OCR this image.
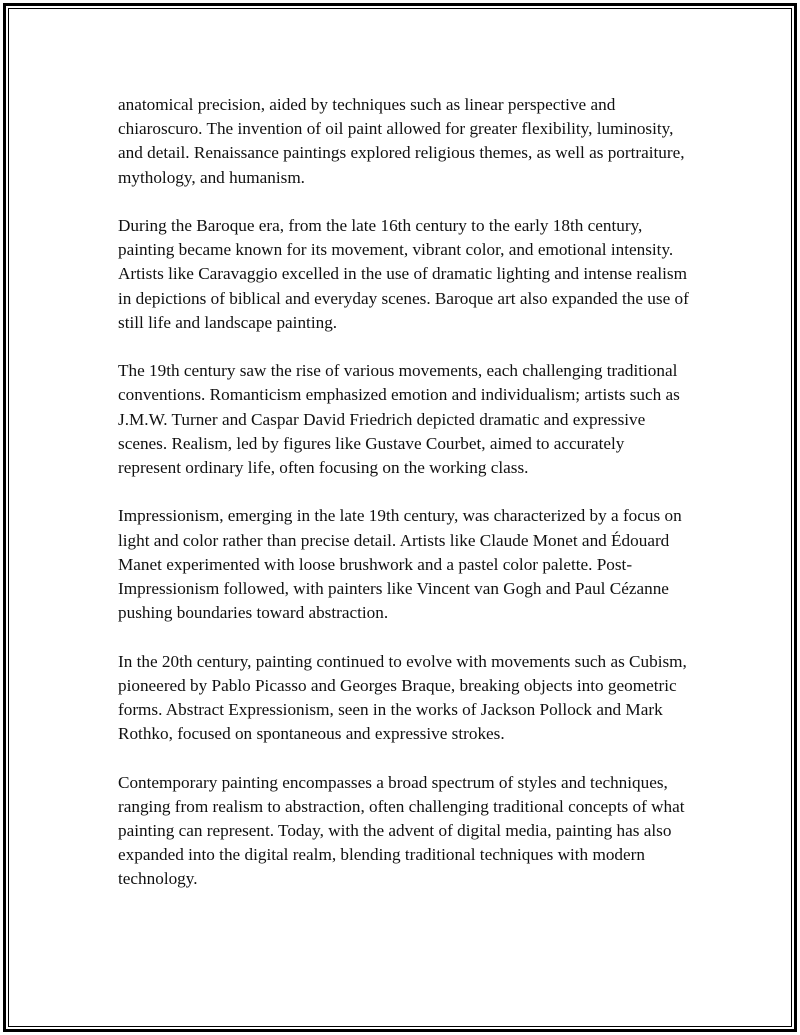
anatomical precision, aided by techniques such as linear perspective and chiaroscuro. The invention of oil paint allowed for greater flexibility, luminosity, and detail. Renaissance paintings explored religious themes, as well as portraiture, mythology, and humanism.

During the Baroque era, from the late 16th century to the early 18th century, painting became known for its movement, vibrant color, and emotional intensity. Artists like Caravaggio excelled in the use of dramatic lighting and intense realism in depictions of biblical and everyday scenes. Baroque art also expanded the use of still life and landscape painting.

The 19th century saw the rise of various movements, each challenging traditional conventions. Romanticism emphasized emotion and individualism; artists such as J.M.W. Turner and Caspar David Friedrich depicted dramatic and expressive scenes. Realism, led by figures like Gustave Courbet, aimed to accurately represent ordinary life, often focusing on the working class.

Impressionism, emerging in the late 19th century, was characterized by a focus on light and color rather than precise detail. Artists like Claude Monet and Édouard Manet experimented with loose brushwork and a pastel color palette. Post-Impressionism followed, with painters like Vincent van Gogh and Paul Cézanne pushing boundaries toward abstraction.

In the 20th century, painting continued to evolve with movements such as Cubism, pioneered by Pablo Picasso and Georges Braque, breaking objects into geometric forms. Abstract Expressionism, seen in the works of Jackson Pollock and Mark Rothko, focused on spontaneous and expressive strokes.

Contemporary painting encompasses a broad spectrum of styles and techniques, ranging from realism to abstraction, often challenging traditional concepts of what painting can represent. Today, with the advent of digital media, painting has also expanded into the digital realm, blending traditional techniques with modern technology.
